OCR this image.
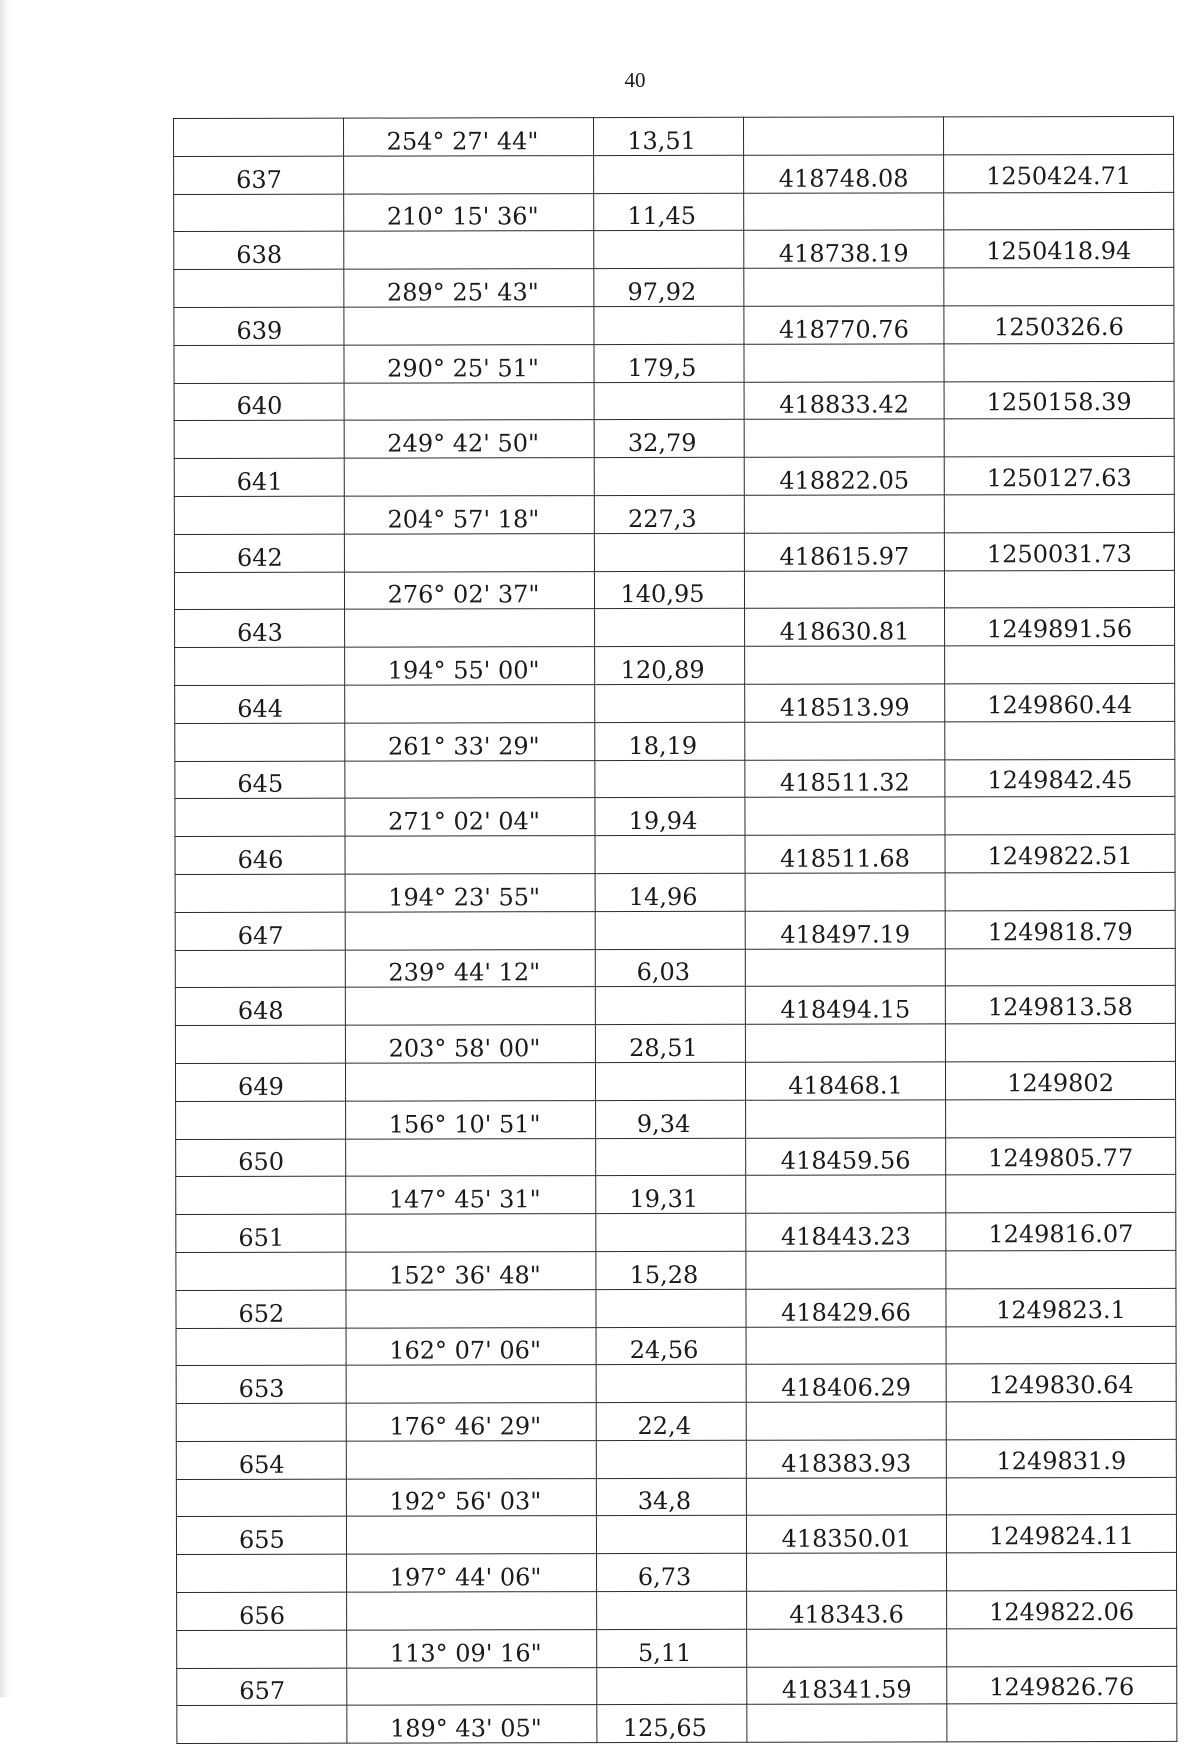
40
	254° 27' 44"	13,51		
637			418748.08	1250424.71
	210° 15' 36"	11,45		
638			418738.19	1250418.94
	289° 25' 43"	97,92		
639			418770.76	1250326.6
	290° 25' 51"	179,5		
640			418833.42	1250158.39
	249° 42' 50"	32,79		
641			418822.05	1250127.63
	204° 57' 18"	227,3		
642			418615.97	1250031.73
	276° 02' 37"	140,95		
643			418630.81	1249891.56
	194° 55' 00"	120,89		
644			418513.99	1249860.44
	261° 33' 29"	18,19		
645			418511.32	1249842.45
	271° 02' 04"	19,94		
646			418511.68	1249822.51
	194° 23' 55"	14,96		
647			418497.19	1249818.79
	239° 44' 12"	6,03		
648			418494.15	1249813.58
	203° 58' 00"	28,51		
649			418468.1	1249802
	156° 10' 51"	9,34		
650			418459.56	1249805.77
	147° 45' 31"	19,31		
651			418443.23	1249816.07
	152° 36' 48"	15,28		
652			418429.66	1249823.1
	162° 07' 06"	24,56		
653			418406.29	1249830.64
	176° 46' 29"	22,4		
654			418383.93	1249831.9
	192° 56' 03"	34,8		
655			418350.01	1249824.11
	197° 44' 06"	6,73		
656			418343.6	1249822.06
	113° 09' 16"	5,11		
657			418341.59	1249826.76
	189° 43' 05"	125,65		
